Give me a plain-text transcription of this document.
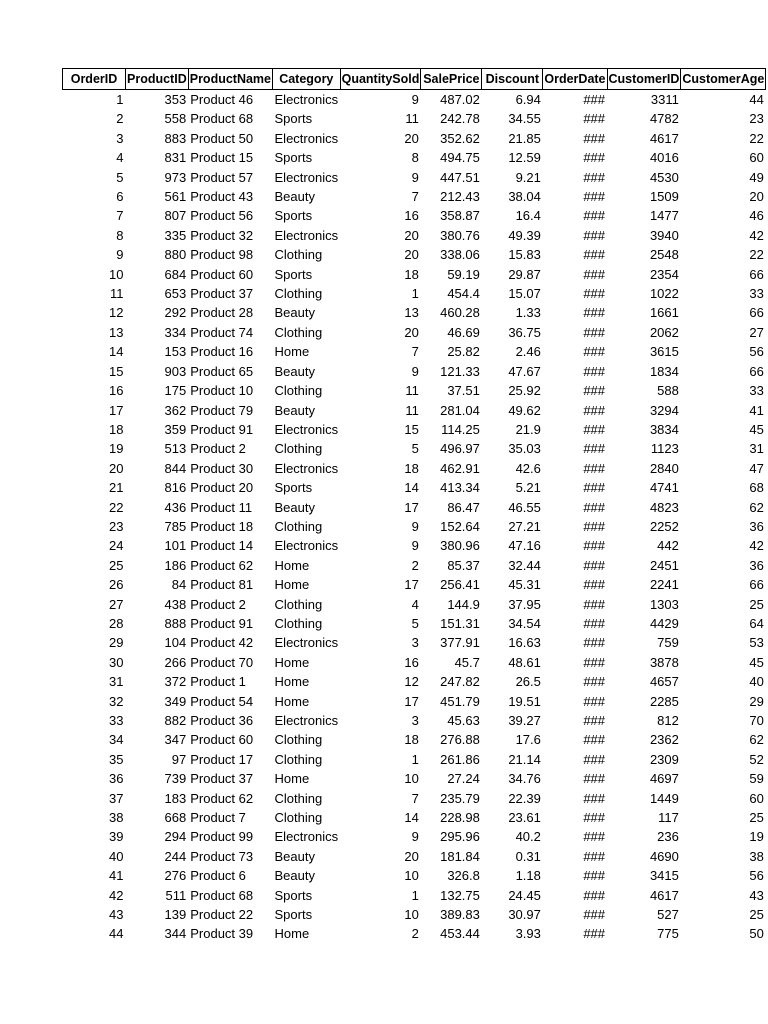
OrderID	ProductID	ProductName	Category	QuantitySold	SalePrice	Discount	OrderDate	CustomerID	CustomerAge
1	353	Product 46	Electronics	9	487.02	6.94	###	3311	44
2	558	Product 68	Sports	11	242.78	34.55	###	4782	23
3	883	Product 50	Electronics	20	352.62	21.85	###	4617	22
4	831	Product 15	Sports	8	494.75	12.59	###	4016	60
5	973	Product 57	Electronics	9	447.51	9.21	###	4530	49
6	561	Product 43	Beauty	7	212.43	38.04	###	1509	20
7	807	Product 56	Sports	16	358.87	16.4	###	1477	46
8	335	Product 32	Electronics	20	380.76	49.39	###	3940	42
9	880	Product 98	Clothing	20	338.06	15.83	###	2548	22
10	684	Product 60	Sports	18	59.19	29.87	###	2354	66
11	653	Product 37	Clothing	1	454.4	15.07	###	1022	33
12	292	Product 28	Beauty	13	460.28	1.33	###	1661	66
13	334	Product 74	Clothing	20	46.69	36.75	###	2062	27
14	153	Product 16	Home	7	25.82	2.46	###	3615	56
15	903	Product 65	Beauty	9	121.33	47.67	###	1834	66
16	175	Product 10	Clothing	11	37.51	25.92	###	588	33
17	362	Product 79	Beauty	11	281.04	49.62	###	3294	41
18	359	Product 91	Electronics	15	114.25	21.9	###	3834	45
19	513	Product 2	Clothing	5	496.97	35.03	###	1123	31
20	844	Product 30	Electronics	18	462.91	42.6	###	2840	47
21	816	Product 20	Sports	14	413.34	5.21	###	4741	68
22	436	Product 11	Beauty	17	86.47	46.55	###	4823	62
23	785	Product 18	Clothing	9	152.64	27.21	###	2252	36
24	101	Product 14	Electronics	9	380.96	47.16	###	442	42
25	186	Product 62	Home	2	85.37	32.44	###	2451	36
26	84	Product 81	Home	17	256.41	45.31	###	2241	66
27	438	Product 2	Clothing	4	144.9	37.95	###	1303	25
28	888	Product 91	Clothing	5	151.31	34.54	###	4429	64
29	104	Product 42	Electronics	3	377.91	16.63	###	759	53
30	266	Product 70	Home	16	45.7	48.61	###	3878	45
31	372	Product 1	Home	12	247.82	26.5	###	4657	40
32	349	Product 54	Home	17	451.79	19.51	###	2285	29
33	882	Product 36	Electronics	3	45.63	39.27	###	812	70
34	347	Product 60	Clothing	18	276.88	17.6	###	2362	62
35	97	Product 17	Clothing	1	261.86	21.14	###	2309	52
36	739	Product 37	Home	10	27.24	34.76	###	4697	59
37	183	Product 62	Clothing	7	235.79	22.39	###	1449	60
38	668	Product 7	Clothing	14	228.98	23.61	###	117	25
39	294	Product 99	Electronics	9	295.96	40.2	###	236	19
40	244	Product 73	Beauty	20	181.84	0.31	###	4690	38
41	276	Product 6	Beauty	10	326.8	1.18	###	3415	56
42	511	Product 68	Sports	1	132.75	24.45	###	4617	43
43	139	Product 22	Sports	10	389.83	30.97	###	527	25
44	344	Product 39	Home	2	453.44	3.93	###	775	50
